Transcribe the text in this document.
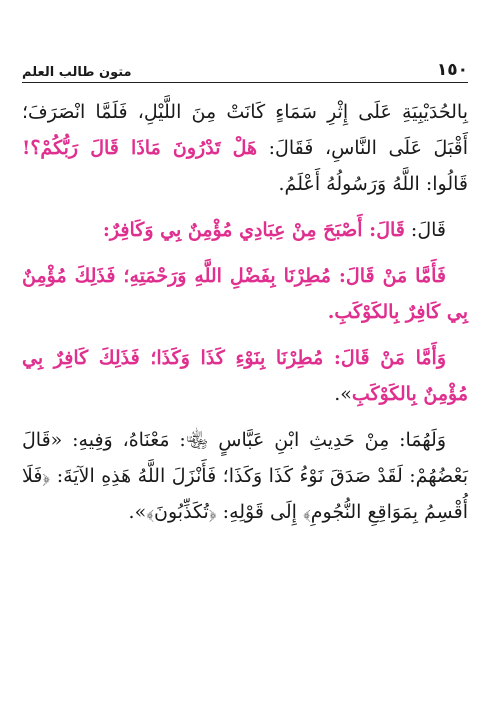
١٥٠
متون طالب العلم

بِالحُدَيْبِيَةِ عَلَى إِثْرِ سَمَاءٍ كَانَتْ مِنَ اللَّيْلِ، فَلَمَّا انْصَرَفَ؛ أَقْبَلَ عَلَى النَّاسِ، فَقَالَ: هَلْ تَدْرُونَ مَاذَا قَالَ رَبُّكُمْ؟! قَالُوا: اللَّهُ وَرَسُولُهُ أَعْلَمُ.

قَالَ: قَالَ: أَصْبَحَ مِنْ عِبَادِي مُؤْمِنٌ بِي وَكَافِرٌ:

فَأَمَّا مَنْ قَالَ: مُطِرْنَا بِفَضْلِ اللَّهِ وَرَحْمَتِهِ؛ فَذَلِكَ مُؤْمِنٌ بِي كَافِرٌ بِالكَوْكَبِ.

وَأَمَّا مَنْ قَالَ: مُطِرْنَا بِنَوْءِ كَذَا وَكَذَا؛ فَذَلِكَ كَافِرٌ بِي مُؤْمِنٌ بِالكَوْكَبِ».

وَلَهُمَا: مِنْ حَدِيثِ ابْنِ عَبَّاسٍ ﵄: مَعْنَاهُ، وَفِيهِ: «قَالَ بَعْضُهُمْ: لَقَدْ صَدَقَ نَوْءُ كَذَا وَكَذَا؛ فَأَنْزَلَ اللَّهُ هَذِهِ الآيَةَ: ﴿فَلَا أُقْسِمُ بِمَوَاقِعِ النُّجُومِ﴾ إِلَى قَوْلِهِ: ﴿تُكَذِّبُونَ﴾».
